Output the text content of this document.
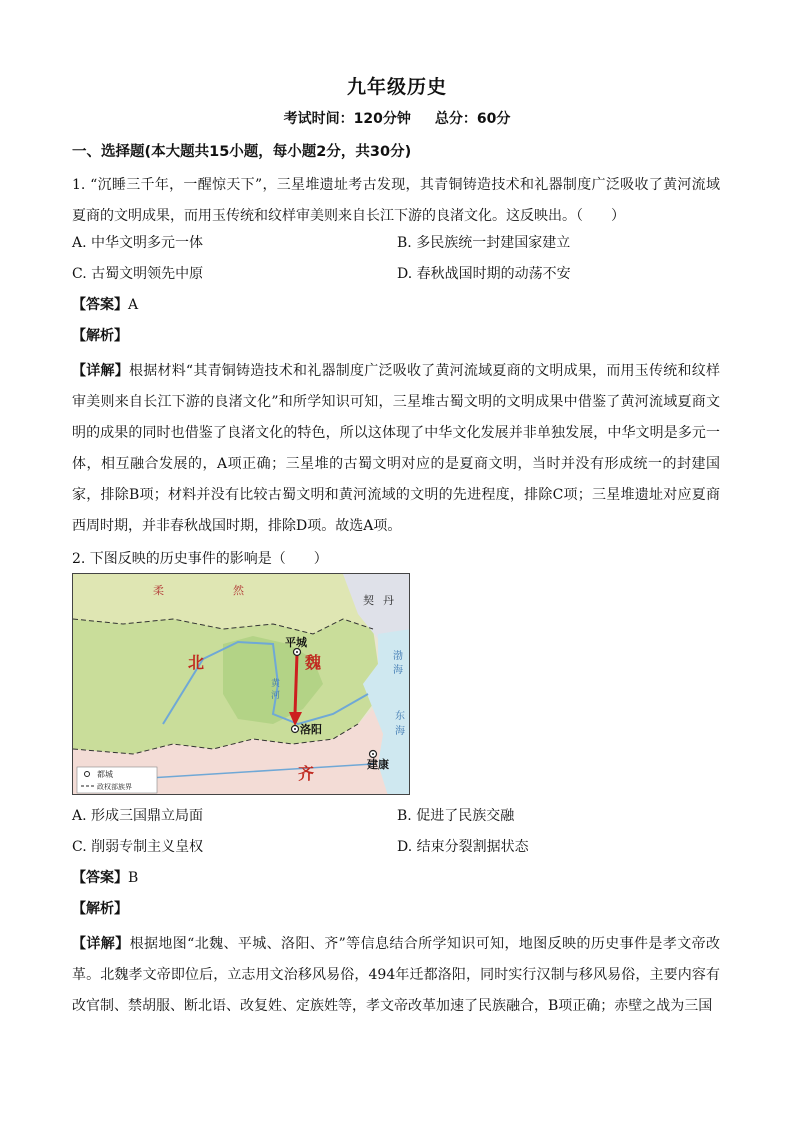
九年级历史
考试时间：120分钟 总分：60分
一、选择题(本大题共15小题，每小题2分，共30分)
1. “沉睡三千年，一醒惊天下”，三星堆遗址考古发现，其青铜铸造技术和礼器制度广泛吸收了黄河流域夏商的文明成果，而用玉传统和纹样审美则来自长江下游的良渚文化。这反映出。（　　）
A. 中华文明多元一体	B. 多民族统一封建国家建立
C. 古蜀文明领先中原	D. 春秋战国时期的动荡不安
【答案】A
【解析】
【详解】根据材料“其青铜铸造技术和礼器制度广泛吸收了黄河流域夏商的文明成果，而用玉传统和纹样审美则来自长江下游的良渚文化”和所学知识可知，三星堆古蜀文明的文明成果中借鉴了黄河流域夏商文明的成果的同时也借鉴了良渚文化的特色，所以这体现了中华文化发展并非单独发展，中华文明是多元一体，相互融合发展的，A项正确；三星堆的古蜀文明对应的是夏商文明，当时并没有形成统一的封建国家，排除B项；材料并没有比较古蜀文明和黄河流域的文明的先进程度，排除C项；三星堆遗址对应夏商西周时期，并非春秋战国时期，排除D项。故选A项。
2. 下图反映的历史事件的影响是（　　）
柔	然
契 丹
北	魏
平城
洛阳
建康
齐
黄
河
渤
海
东
海
都城
政权部族界
A. 形成三国鼎立局面	B. 促进了民族交融
C. 削弱专制主义皇权	D. 结束分裂割据状态
【答案】B
【解析】
【详解】根据地图“北魏、平城、洛阳、齐”等信息结合所学知识可知，地图反映的历史事件是孝文帝改革。北魏孝文帝即位后，立志用文治移风易俗，494年迁都洛阳，同时实行汉制与移风易俗，主要内容有改官制、禁胡服、断北语、改复姓、定族姓等，孝文帝改革加速了民族融合，B项正确；赤壁之战为三国
